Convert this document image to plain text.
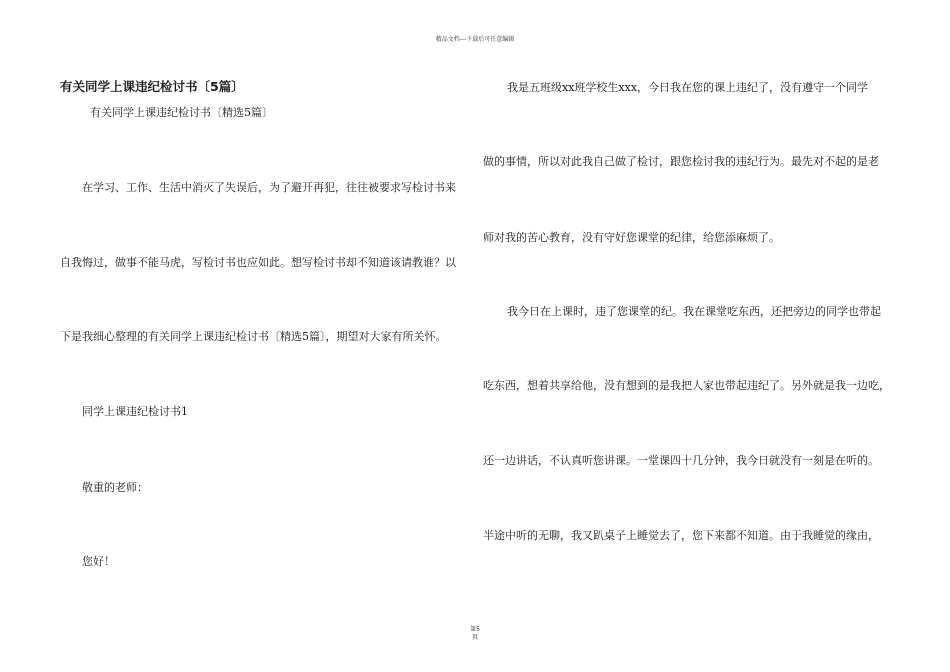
精品文档---下载后可任意编辑
有关同学上课违纪检讨书〔5篇〕
有关同学上课违纪检讨书〔精选5篇〕
在学习、工作、生活中消灭了失误后，为了避开再犯，往往被要求写检讨书来
自我悔过，做事不能马虎，写检讨书也应如此。想写检讨书却不知道该请教谁？以
下是我细心整理的有关同学上课违纪检讨书〔精选5篇〕，期望对大家有所关怀。
同学上课违纪检讨书1
敬重的老师：
您好！
我是五班级xx班学校生xxx，今日我在您的课上违纪了，没有遵守一个同学
做的事情，所以对此我自己做了检讨，跟您检讨我的违纪行为。最先对不起的是老
师对我的苦心教育，没有守好您课堂的纪律，给您添麻烦了。
我今日在上课时，违了您课堂的纪。我在课堂吃东西，还把旁边的同学也带起
吃东西，想着共享给他，没有想到的是我把人家也带起违纪了。另外就是我一边吃，
还一边讲话，不认真听您讲课。一堂课四十几分钟，我今日就没有一刻是在听的。
半途中听的无聊，我又趴桌子上睡觉去了，您下来都不知道。由于我睡觉的缘由，
第5
页
